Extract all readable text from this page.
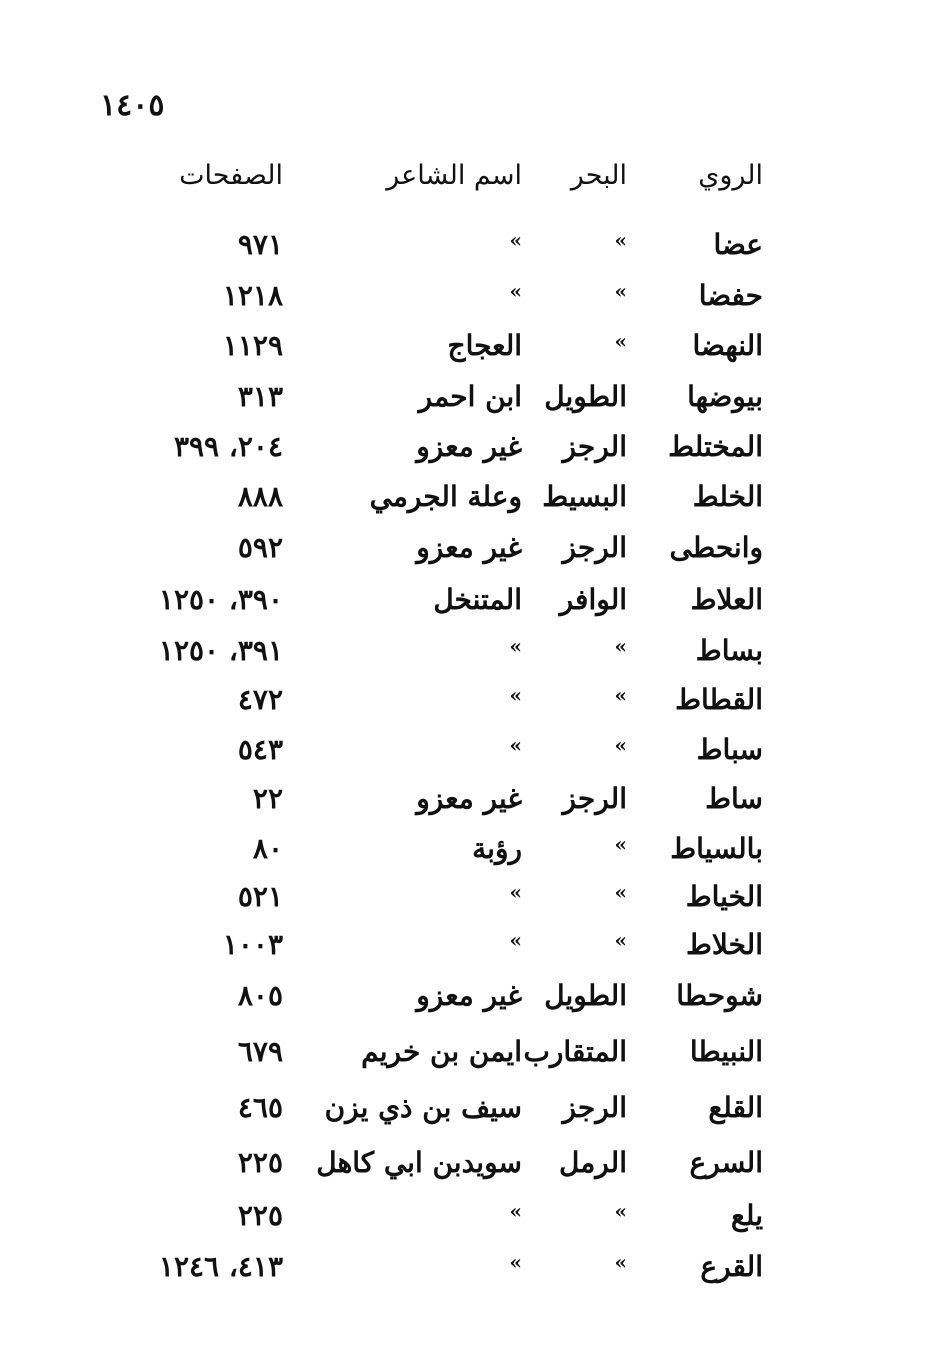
١٤٠٥
الروي
البحر
اسم الشاعر
الصفحات
عضا
»
»
٩٧١
حفضا
»
»
١٢١٨
النهضا
»
العجاج
١١٢٩
بيوضها
الطويل
ابن احمر
٣١٣
المختلط
الرجز
غير معزو
٢٠٤، ٣٩٩
الخلط
البسيط
وعلة الجرمي
٨٨٨
وانحطى
الرجز
غير معزو
٥٩٢
العلاط
الوافر
المتنخل
٣٩٠، ١٢٥٠
بساط
»
»
٣٩١، ١٢٥٠
القطاط
»
»
٤٧٢
سباط
»
»
٥٤٣
ساط
الرجز
غير معزو
٢٢
بالسياط
»
رؤبة
٨٠
الخياط
»
»
٥٢١
الخلاط
»
»
١٠٠٣
شوحطا
الطويل
غير معزو
٨٠٥
النبيطا
المتقارب
ايمن بن خريم
٦٧٩
القلع
الرجز
سيف بن ذي يزن
٤٦٥
السرع
الرمل
سويدبن ابي كاهل
٢٢٥
يلع
»
»
٢٢٥
القرع
»
»
٤١٣، ١٢٤٦
